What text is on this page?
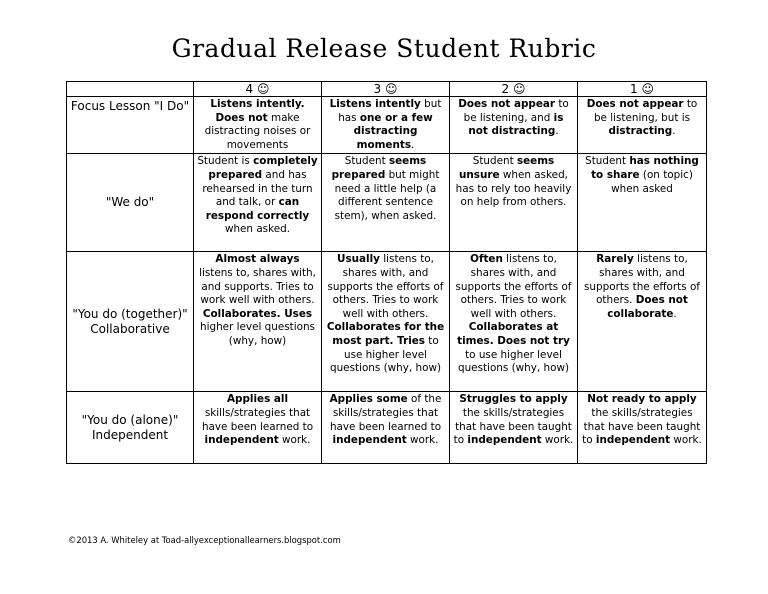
Gradual Release Student Rubric
	4 ☺	3 ☺	2 ☺	1 ☺
Focus Lesson "I Do"	Listens intently. Does not make distracting noises or movements	Listens intently but has one or a few distracting moments.	Does not appear to be listening, and is not distracting.	Does not appear to be listening, but is distracting.
"We do"	Student is completely prepared and has rehearsed in the turn and talk, or can respond correctly when asked.	Student seems prepared but might need a little help (a different sentence stem), when asked.	Student seems unsure when asked, has to rely too heavily on help from others.	Student has nothing to share (on topic) when asked
"You do (together)" Collaborative	Almost always listens to, shares with, and supports. Tries to work well with others. Collaborates. Uses higher level questions (why, how)	Usually listens to, shares with, and supports the efforts of others. Tries to work well with others. Collaborates for the most part. Tries to use higher level questions (why, how)	Often listens to, shares with, and supports the efforts of others. Tries to work well with others. Collaborates at times. Does not try to use higher level questions (why, how)	Rarely listens to, shares with, and supports the efforts of others. Does not collaborate.
"You do (alone)" Independent	Applies all skills/strategies that have been learned to independent work.	Applies some of the skills/strategies that have been learned to independent work.	Struggles to apply the skills/strategies that have been taught to independent work.	Not ready to apply the skills/strategies that have been taught to independent work.
©2013 A. Whiteley at Toad-allyexceptionallearners.blogspot.com
